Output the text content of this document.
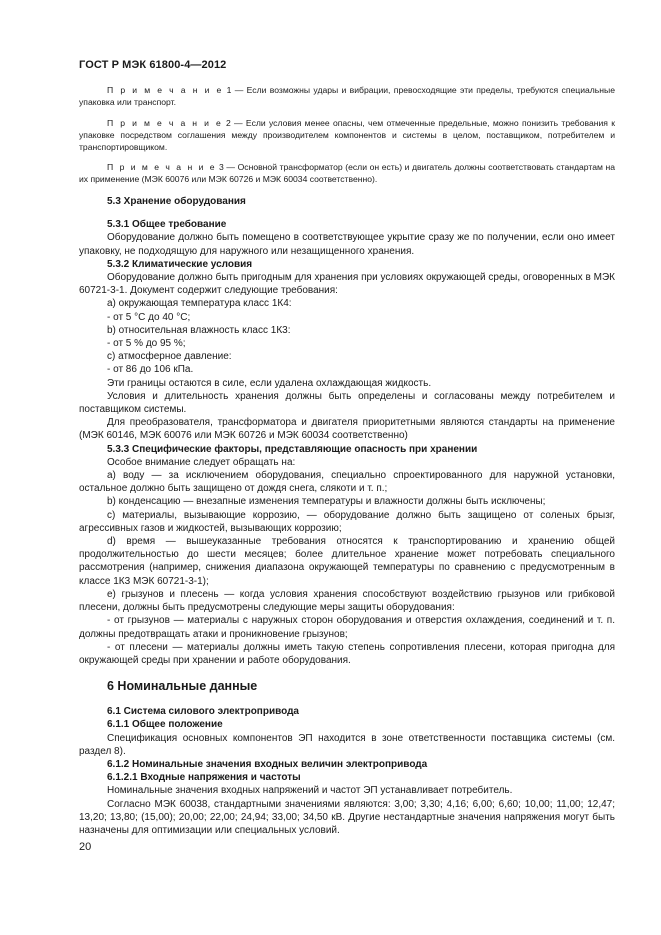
ГОСТ Р МЭК 61800-4—2012

П р и м е ч а н и е 1 — Если возможны удары и вибрации, превосходящие эти пределы, требуются специальные упаковка или транспорт.

П р и м е ч а н и е 2 — Если условия менее опасны, чем отмеченные предельные, можно понизить требования к упаковке посредством соглашения между производителем компонентов и системы в целом, поставщиком, потребителем и транспортировщиком.

П р и м е ч а н и е 3 — Основной трансформатор (если он есть) и двигатель должны соответствовать стандартам на их применение (МЭК 60076 или МЭК 60726 и МЭК 60034 соответственно).

5.3 Хранение оборудования

5.3.1 Общее требование

Оборудование должно быть помещено в соответствующее укрытие сразу же по получении, если оно имеет упаковку, не подходящую для наружного или незащищенного хранения.

5.3.2 Климатические условия

Оборудование должно быть пригодным для хранения при условиях окружающей среды, оговоренных в МЭК 60721-3-1. Документ содержит следующие требования:

а) окружающая температура класс 1К4:

- от 5 °C до 40 °C;

b) относительная влажность класс 1К3:

- от 5 % до 95 %;

с) атмосферное давление:

- от 86 до 106 кПа.

Эти границы остаются в силе, если удалена охлаждающая жидкость.

Условия и длительность хранения должны быть определены и согласованы между потребителем и поставщиком системы.

Для преобразователя, трансформатора и двигателя приоритетными являются стандарты на применение (МЭК 60146, МЭК 60076 или МЭК 60726 и МЭК 60034 соответственно)

5.3.3 Специфические факторы, представляющие опасность при хранении

Особое внимание следует обращать на:

а) воду — за исключением оборудования, специально спроектированного для наружной установки, остальное должно быть защищено от дождя снега, слякоти и т. п.;

b) конденсацию — внезапные изменения температуры и влажности должны быть исключены;

с) материалы, вызывающие коррозию, — оборудование должно быть защищено от соленых брызг, агрессивных газов и жидкостей, вызывающих коррозию;

d) время — вышеуказанные требования относятся к транспортированию и хранению общей продолжительностью до шести месяцев; более длительное хранение может потребовать специального рассмотрения (например, снижения диапазона окружающей температуры по сравнению с предусмотренным в классе 1К3 МЭК 60721-3-1);

е) грызунов и плесень — когда условия хранения способствуют воздействию грызунов или грибковой плесени, должны быть предусмотрены следующие меры защиты оборудования:

- от грызунов — материалы с наружных сторон оборудования и отверстия охлаждения, соединений и т. п. должны предотвращать атаки и проникновение грызунов;

- от плесени — материалы должны иметь такую степень сопротивления плесени, которая пригодна для окружающей среды при хранении и работе оборудования.

6 Номинальные данные

6.1 Система силового электропривода

6.1.1 Общее положение

Спецификация основных компонентов ЭП находится в зоне ответственности поставщика системы (см. раздел 8).

6.1.2 Номинальные значения входных величин электропривода

6.1.2.1 Входные напряжения и частоты

Номинальные значения входных напряжений и частот ЭП устанавливает потребитель.

Согласно МЭК 60038, стандартными значениями являются: 3,00; 3,30; 4,16; 6,00; 6,60; 10,00; 11,00; 12,47; 13,20; 13,80; (15,00); 20,00; 22,00; 24,94; 33,00; 34,50 кВ. Другие нестандартные значения напряжения могут быть назначены для оптимизации или специальных условий.

20
